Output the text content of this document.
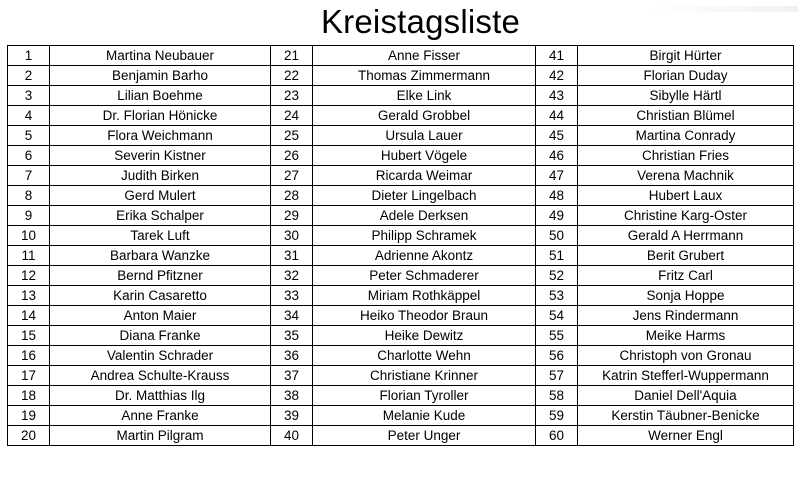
Kreistagsliste
1	Martina Neubauer	21	Anne Fisser	41	Birgit Hürter
2	Benjamin Barho	22	Thomas Zimmermann	42	Florian Duday
3	Lilian Boehme	23	Elke Link	43	Sibylle Härtl
4	Dr. Florian Hönicke	24	Gerald Grobbel	44	Christian Blümel
5	Flora Weichmann	25	Ursula Lauer	45	Martina Conrady
6	Severin Kistner	26	Hubert Vögele	46	Christian Fries
7	Judith Birken	27	Ricarda Weimar	47	Verena Machnik
8	Gerd Mulert	28	Dieter Lingelbach	48	Hubert Laux
9	Erika Schalper	29	Adele Derksen	49	Christine Karg-Oster
10	Tarek Luft	30	Philipp Schramek	50	Gerald A Herrmann
11	Barbara Wanzke	31	Adrienne Akontz	51	Berit Grubert
12	Bernd Pfitzner	32	Peter Schmaderer	52	Fritz Carl
13	Karin Casaretto	33	Miriam Rothkäppel	53	Sonja Hoppe
14	Anton Maier	34	Heiko Theodor Braun	54	Jens Rindermann
15	Diana Franke	35	Heike Dewitz	55	Meike Harms
16	Valentin Schrader	36	Charlotte Wehn	56	Christoph von Gronau
17	Andrea Schulte-Krauss	37	Christiane Krinner	57	Katrin Stefferl-Wuppermann
18	Dr. Matthias Ilg	38	Florian Tyroller	58	Daniel Dell'Aquia
19	Anne Franke	39	Melanie Kude	59	Kerstin Täubner-Benicke
20	Martin Pilgram	40	Peter Unger	60	Werner Engl
